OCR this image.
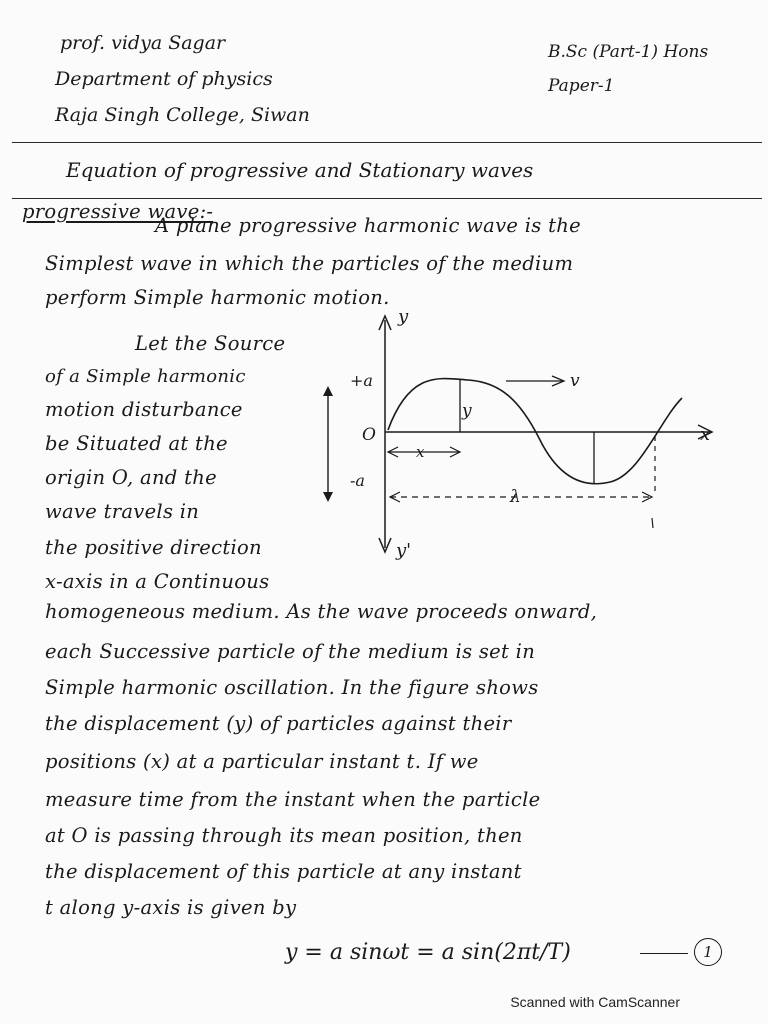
prof. vidya Sagar
Department of physics
Raja Singh College, Siwan
B.Sc (Part-1) Hons
Paper-1
Equation of progressive and Stationary waves
progressive wave:-
A plane progressive harmonic wave is the
Simplest wave in which the particles of the medium
perform Simple harmonic motion.
Let the Source
of a Simple harmonic
motion disturbance
be Situated at the
origin O, and the
wave travels in
the positive direction
x-axis in a Continuous
y
y'
x
O
+a
-a
v
y
x
λ
homogeneous medium. As the wave proceeds onward,
each Successive particle of the medium is set in
Simple harmonic oscillation. In the figure shows
the displacement (y) of particles against their
positions (x) at a particular instant t. If we
measure time from the instant when the particle
at O is passing through its mean position, then
the displacement of this particle at any instant
t along y-axis is given by
y = a sinωt = a sin(2πt/T)	1
Scanned with CamScanner
